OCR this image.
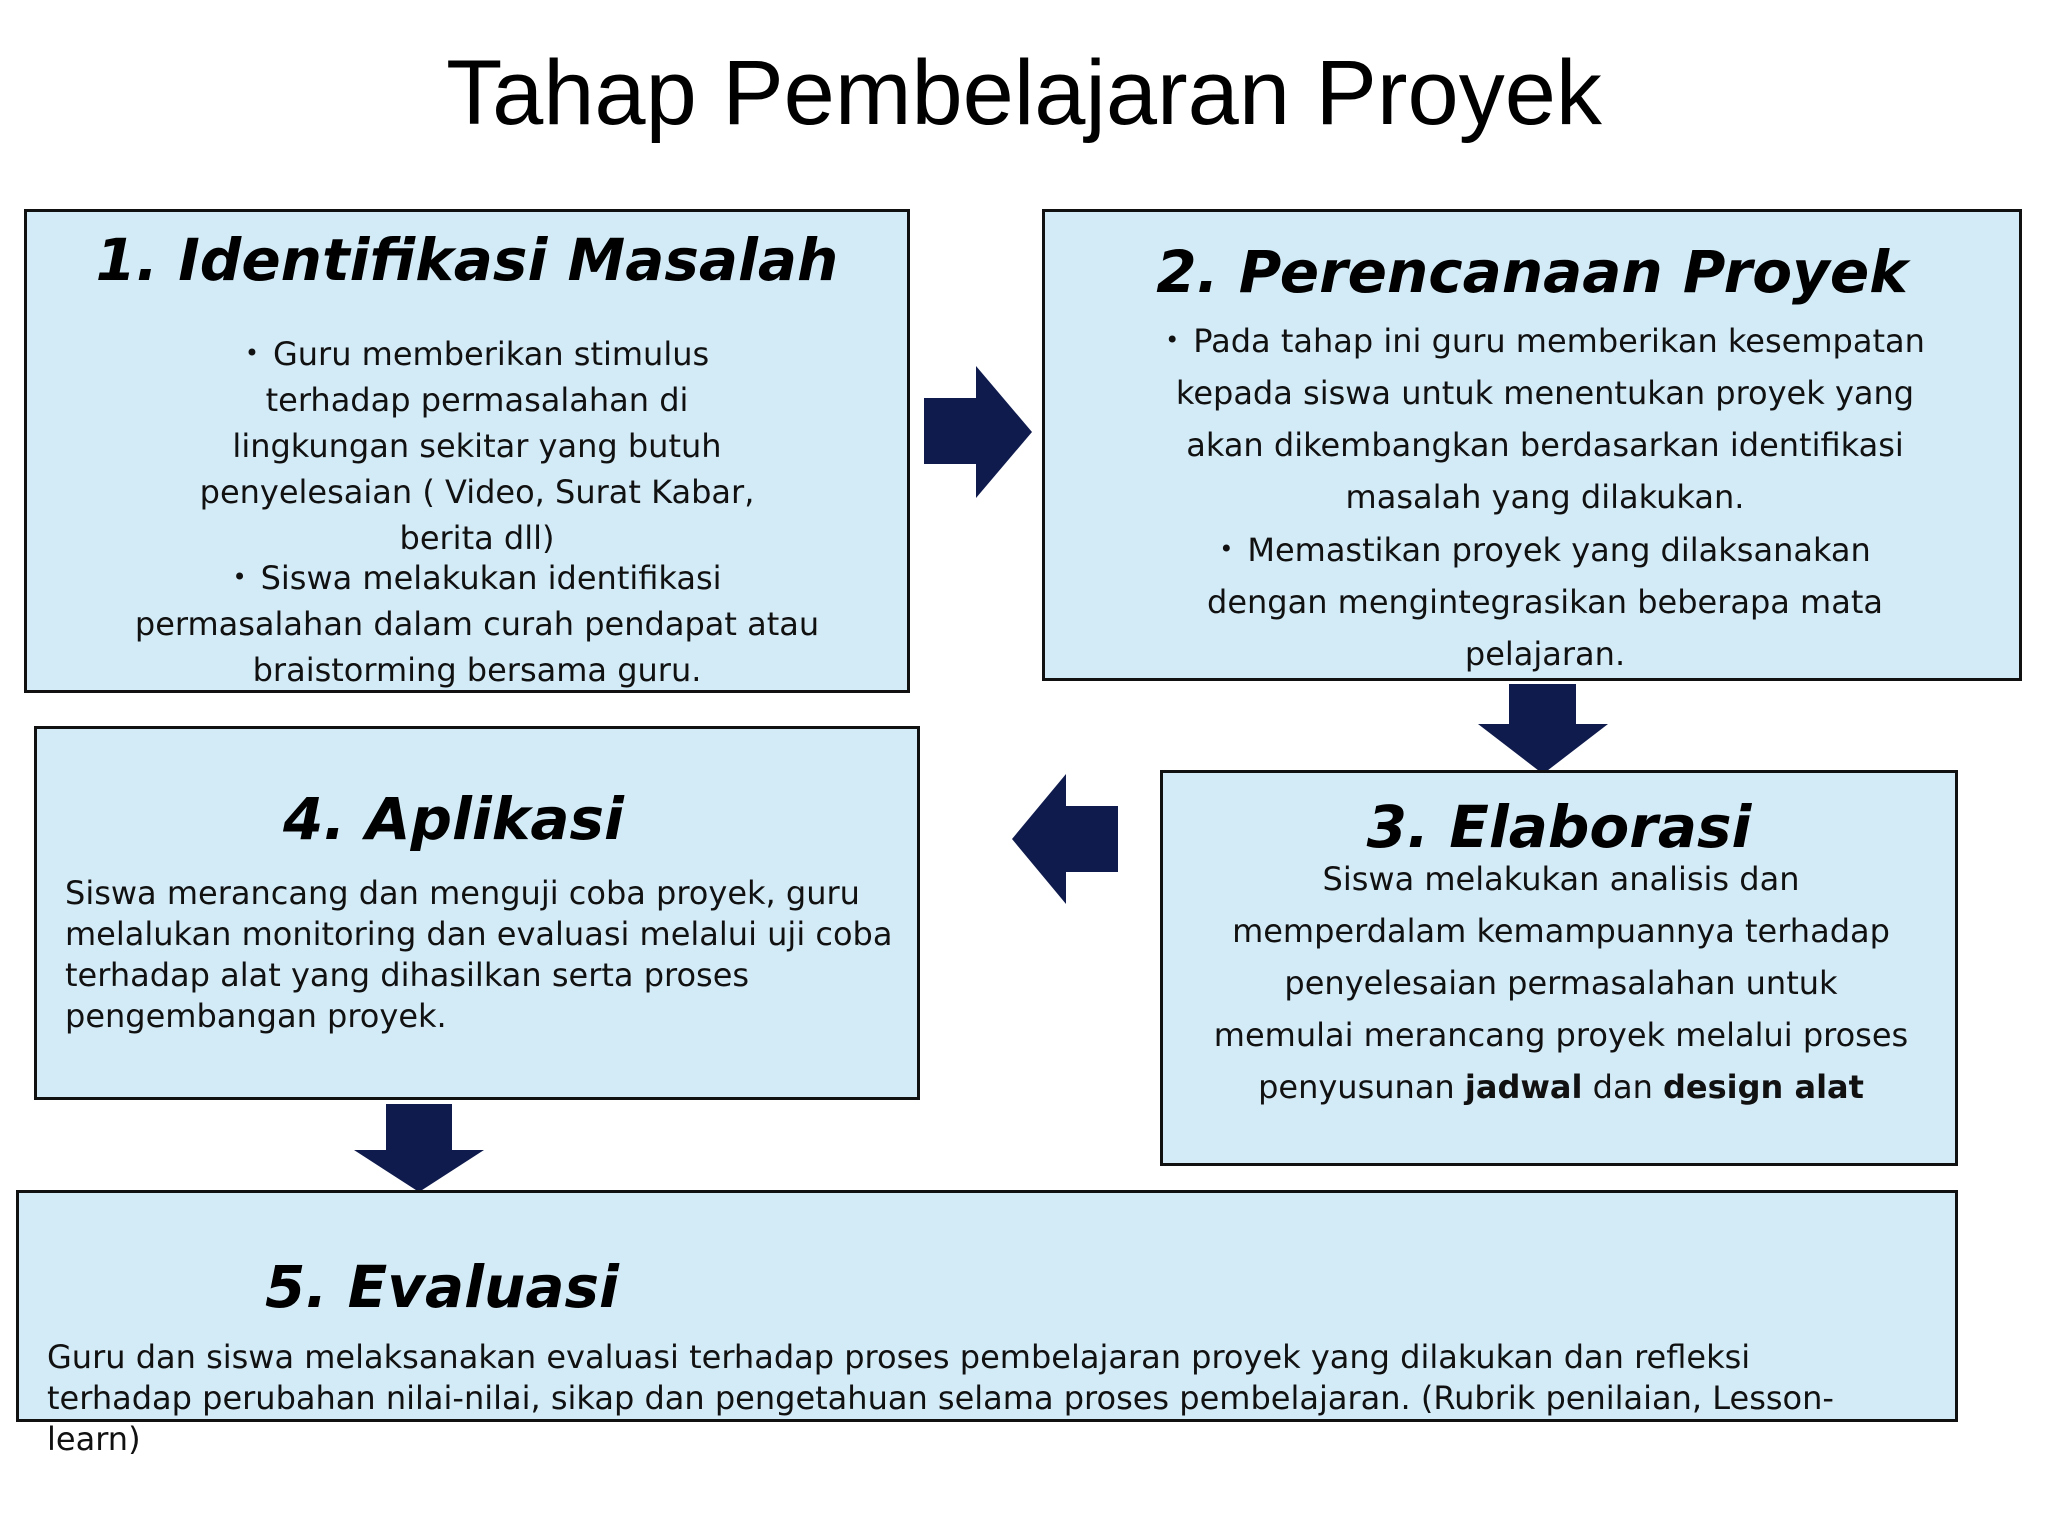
Tahap Pembelajaran Proyek
1. Identifikasi Masalah
• Guru memberikan stimulus terhadap permasalahan di lingkungan sekitar yang butuh penyelesaian ( Video, Surat Kabar, berita dll)
• Siswa melakukan identifikasi permasalahan dalam curah pendapat atau braistorming bersama guru.
2. Perencanaan Proyek
• Pada tahap ini guru memberikan kesempatan kepada siswa untuk menentukan proyek yang akan dikembangkan berdasarkan identifikasi masalah yang dilakukan.
• Memastikan proyek yang dilaksanakan dengan mengintegrasikan beberapa mata pelajaran.
3. Elaborasi

Siswa melakukan analisis dan memperdalam kemampuannya terhadap penyelesaian permasalahan untuk memulai merancang proyek melalui proses penyusunan jadwal dan design alat

4. Aplikasi

Siswa merancang dan menguji coba proyek, guru melalukan monitoring dan evaluasi melalui uji coba terhadap alat yang dihasilkan serta proses pengembangan proyek.

5. Evaluasi

Guru dan siswa melaksanakan evaluasi terhadap proses pembelajaran proyek yang dilakukan dan refleksi terhadap perubahan nilai-nilai, sikap dan pengetahuan selama proses pembelajaran. (Rubrik penilaian, Lesson-learn)
